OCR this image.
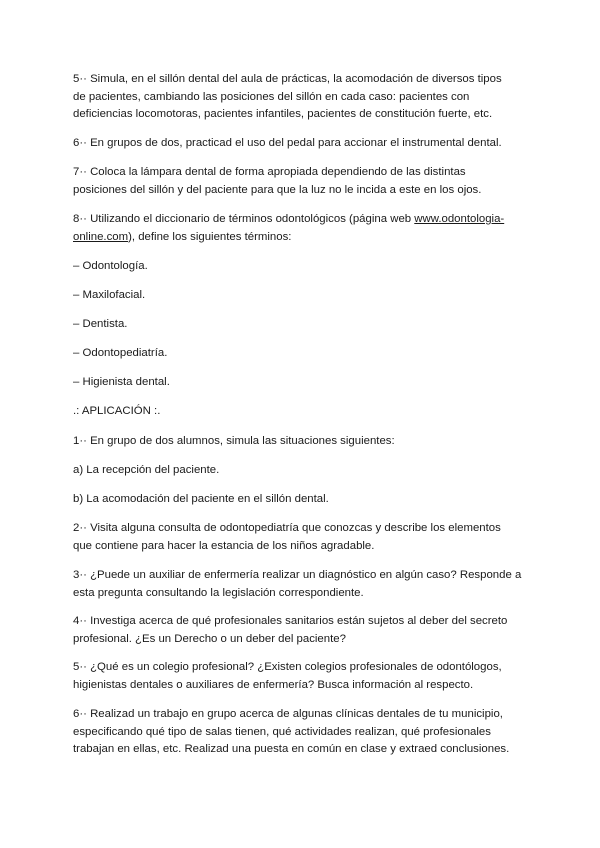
5·· Simula, en el sillón dental del aula de prácticas, la acomodación de diversos tipos
de pacientes, cambiando las posiciones del sillón en cada caso: pacientes con
deficiencias locomotoras, pacientes infantiles, pacientes de constitución fuerte, etc.

6·· En grupos de dos, practicad el uso del pedal para accionar el instrumental dental.

7·· Coloca la lámpara dental de forma apropiada dependiendo de las distintas
posiciones del sillón y del paciente para que la luz no le incida a este en los ojos.

8·· Utilizando el diccionario de términos odontológicos (página web www.odontologia-
online.com), define los siguientes términos:

– Odontología.

– Maxilofacial.

– Dentista.

– Odontopediatría.

– Higienista dental.

.: APLICACIÓN :.

1·· En grupo de dos alumnos, simula las situaciones siguientes:

a) La recepción del paciente.

b) La acomodación del paciente en el sillón dental.

2·· Visita alguna consulta de odontopediatría que conozcas y describe los elementos
que contiene para hacer la estancia de los niños agradable.

3·· ¿Puede un auxiliar de enfermería realizar un diagnóstico en algún caso? Responde a
esta pregunta consultando la legislación correspondiente.

4·· Investiga acerca de qué profesionales sanitarios están sujetos al deber del secreto
profesional. ¿Es un Derecho o un deber del paciente?

5·· ¿Qué es un colegio profesional? ¿Existen colegios profesionales de odontólogos,
higienistas dentales o auxiliares de enfermería? Busca información al respecto.

6·· Realizad un trabajo en grupo acerca de algunas clínicas dentales de tu municipio,
especificando qué tipo de salas tienen, qué actividades realizan, qué profesionales
trabajan en ellas, etc. Realizad una puesta en común en clase y extraed conclusiones.
